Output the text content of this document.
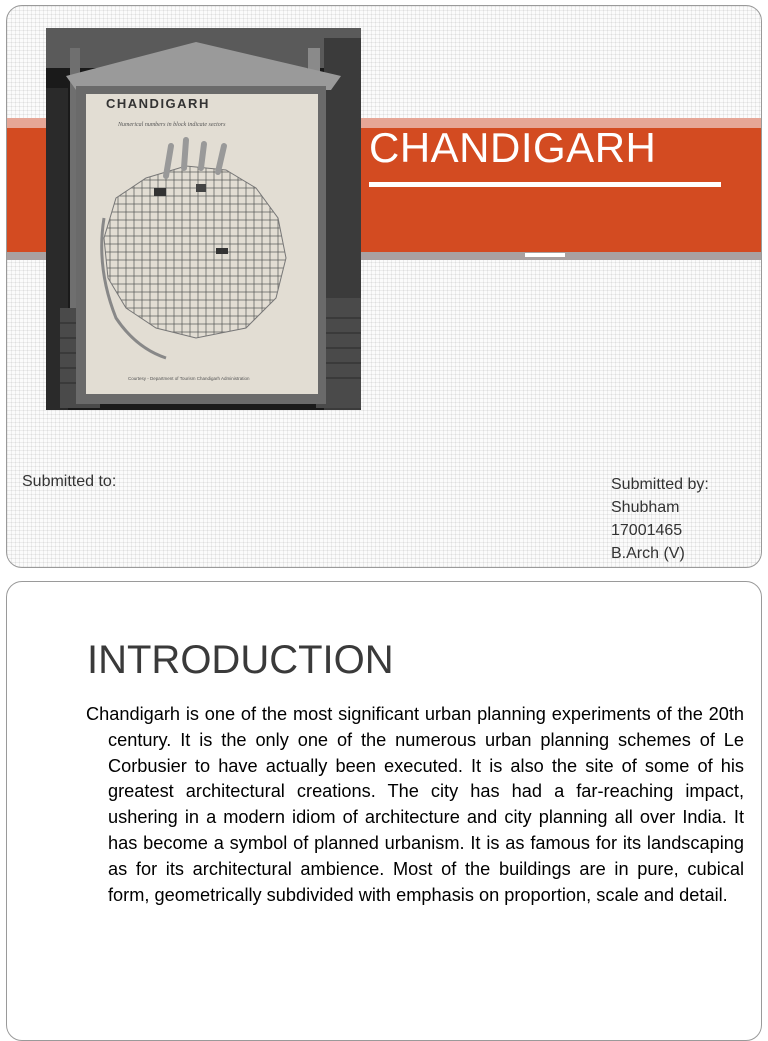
CHANDIGARH
CHANDIGARH
Numerical numbers in block indicate sectors
Courtesy - Department of Tourism Chandigarh Administration
Submitted to:	Submitted by:
Shubham
17001465
B.Arch (V)
INTRODUCTION

Chandigarh is one of the most significant urban planning experiments of the 20th century. It is the only one of the numerous urban planning schemes of Le Corbusier to have actually been executed. It is also the site of some of his greatest architectural creations. The city has had a far-reaching impact, ushering in a modern idiom of architecture and city planning all over India. It has become a symbol of planned urbanism. It is as famous for its landscaping as for its architectural ambience. Most of the buildings are in pure, cubical form, geometrically subdivided with emphasis on proportion, scale and detail.
